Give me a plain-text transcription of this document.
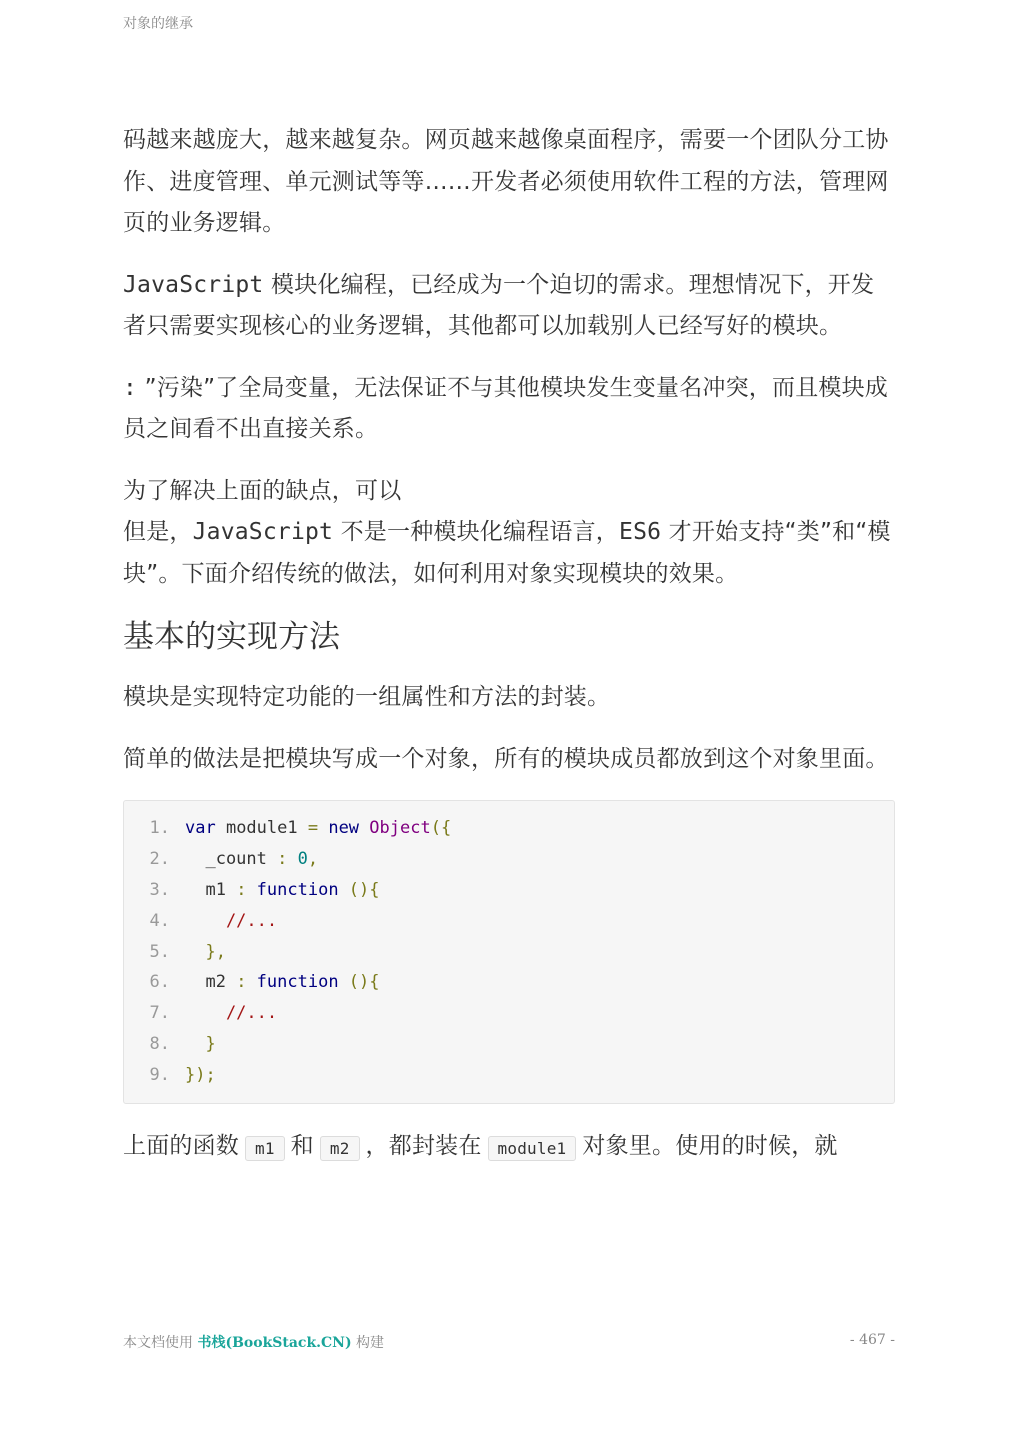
对象的继承

码越来越庞大，越来越复杂。网页越来越像桌面程序，需要一个团队分工协作、进度管理、单元测试等等……开发者必须使用软件工程的方法，管理网页的业务逻辑。

JavaScript 模块化编程，已经成为一个迫切的需求。理想情况下，开发者只需要实现核心的业务逻辑，其他都可以加载别人已经写好的模块。

: ”污染”了全局变量，无法保证不与其他模块发生变量名冲突，而且模块成员之间看不出直接关系。

为了解决上面的缺点，可以
但是，JavaScript 不是一种模块化编程语言，ES6 才开始支持“类”和“模块”。下面介绍传统的做法，如何利用对象实现模块的效果。

基本的实现方法

模块是实现特定功能的一组属性和方法的封装。

简单的做法是把模块写成一个对象，所有的模块成员都放到这个对象里面。

1. var module1 = new Object({
2.  _count : 0,
3.  m1 : function (){
4.    //...
5.  },
6.  m2 : function (){
7.    //...
8.  }
9. });

上面的函数 m1 和 m2 ，都封装在 module1 对象里。使用的时候，就

本文档使用 书栈(BookStack.CN) 构建	- 467 -
